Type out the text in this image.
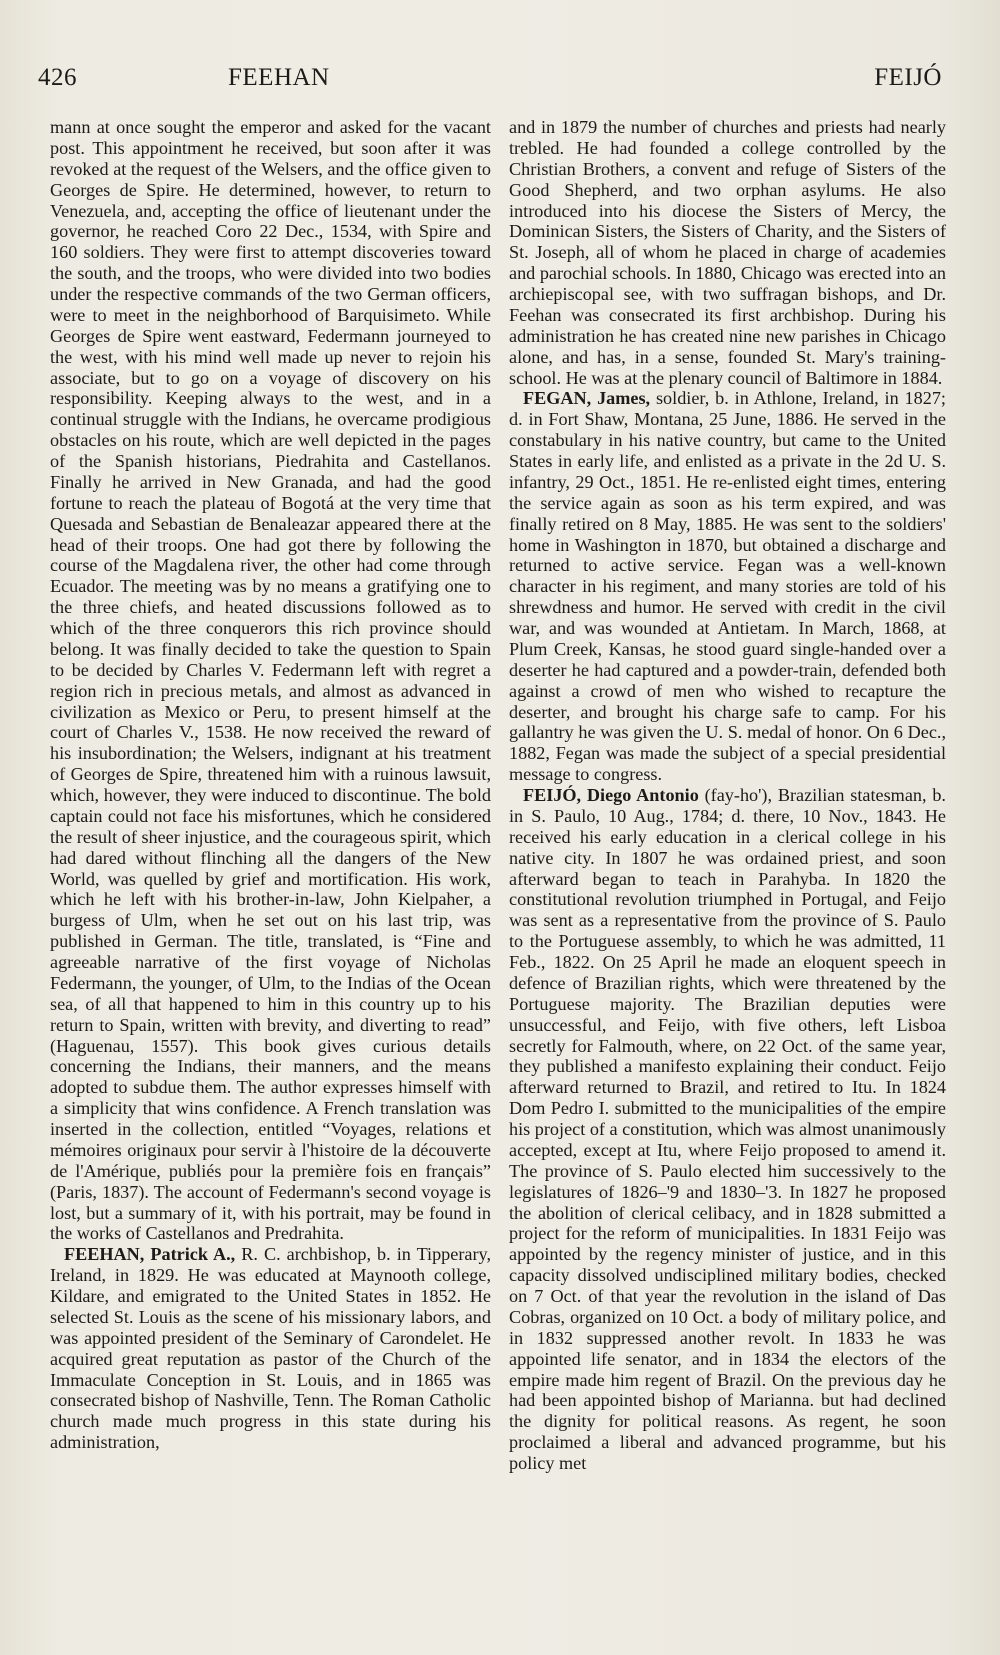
426	FEEHAN	FEIJÓ

mann at once sought the emperor and asked for the vacant post. This appointment he received, but soon after it was revoked at the request of the Welsers, and the office given to Georges de Spire. He determined, however, to return to Venezuela, and, accepting the office of lieutenant under the governor, he reached Coro 22 Dec., 1534, with Spire and 160 soldiers. They were first to attempt discoveries toward the south, and the troops, who were divided into two bodies under the respective commands of the two German officers, were to meet in the neighborhood of Barquisimeto. While Georges de Spire went eastward, Federmann journeyed to the west, with his mind well made up never to rejoin his associate, but to go on a voyage of discovery on his responsibility. Keeping always to the west, and in a continual struggle with the Indians, he overcame prodigious obstacles on his route, which are well depicted in the pages of the Spanish historians, Piedrahita and Castellanos. Finally he arrived in New Granada, and had the good fortune to reach the plateau of Bogotá at the very time that Quesada and Sebastian de Benaleazar appeared there at the head of their troops. One had got there by following the course of the Magdalena river, the other had come through Ecuador. The meeting was by no means a gratifying one to the three chiefs, and heated discussions followed as to which of the three conquerors this rich province should belong. It was finally decided to take the question to Spain to be decided by Charles V. Federmann left with regret a region rich in precious metals, and almost as advanced in civilization as Mexico or Peru, to present himself at the court of Charles V., 1538. He now received the reward of his insubordination; the Welsers, indignant at his treatment of Georges de Spire, threatened him with a ruinous lawsuit, which, however, they were induced to discontinue. The bold captain could not face his misfortunes, which he considered the result of sheer injustice, and the courageous spirit, which had dared without flinching all the dangers of the New World, was quelled by grief and mortification. His work, which he left with his brother-in-law, John Kielpaher, a burgess of Ulm, when he set out on his last trip, was published in German. The title, translated, is “Fine and agreeable narrative of the first voyage of Nicholas Federmann, the younger, of Ulm, to the Indias of the Ocean sea, of all that happened to him in this country up to his return to Spain, written with brevity, and diverting to read” (Haguenau, 1557). This book gives curious details concerning the Indians, their manners, and the means adopted to subdue them. The author expresses himself with a simplicity that wins confidence. A French translation was inserted in the collection, entitled “Voyages, relations et mémoires originaux pour servir à l'histoire de la découverte de l'Amérique, publiés pour la première fois en français” (Paris, 1837). The account of Federmann's second voyage is lost, but a summary of it, with his portrait, may be found in the works of Castellanos and Predrahita.

FEEHAN, Patrick A., R. C. archbishop, b. in Tipperary, Ireland, in 1829. He was educated at Maynooth college, Kildare, and emigrated to the United States in 1852. He selected St. Louis as the scene of his missionary labors, and was appointed president of the Seminary of Carondelet. He acquired great reputation as pastor of the Church of the Immaculate Conception in St. Louis, and in 1865 was consecrated bishop of Nashville, Tenn. The Roman Catholic church made much progress in this state during his administration,

and in 1879 the number of churches and priests had nearly trebled. He had founded a college controlled by the Christian Brothers, a convent and refuge of Sisters of the Good Shepherd, and two orphan asylums. He also introduced into his diocese the Sisters of Mercy, the Dominican Sisters, the Sisters of Charity, and the Sisters of St. Joseph, all of whom he placed in charge of academies and parochial schools. In 1880, Chicago was erected into an archiepiscopal see, with two suffragan bishops, and Dr. Feehan was consecrated its first archbishop. During his administration he has created nine new parishes in Chicago alone, and has, in a sense, founded St. Mary's training-school. He was at the plenary council of Baltimore in 1884.

FEGAN, James, soldier, b. in Athlone, Ireland, in 1827; d. in Fort Shaw, Montana, 25 June, 1886. He served in the constabulary in his native country, but came to the United States in early life, and enlisted as a private in the 2d U. S. infantry, 29 Oct., 1851. He re-enlisted eight times, entering the service again as soon as his term expired, and was finally retired on 8 May, 1885. He was sent to the soldiers' home in Washington in 1870, but obtained a discharge and returned to active service. Fegan was a well-known character in his regiment, and many stories are told of his shrewdness and humor. He served with credit in the civil war, and was wounded at Antietam. In March, 1868, at Plum Creek, Kansas, he stood guard single-handed over a deserter he had captured and a powder-train, defended both against a crowd of men who wished to recapture the deserter, and brought his charge safe to camp. For his gallantry he was given the U. S. medal of honor. On 6 Dec., 1882, Fegan was made the subject of a special presidential message to congress.

FEIJÓ, Diego Antonio (fay-ho'), Brazilian statesman, b. in S. Paulo, 10 Aug., 1784; d. there, 10 Nov., 1843. He received his early education in a clerical college in his native city. In 1807 he was ordained priest, and soon afterward began to teach in Parahyba. In 1820 the constitutional revolution triumphed in Portugal, and Feijo was sent as a representative from the province of S. Paulo to the Portuguese assembly, to which he was admitted, 11 Feb., 1822. On 25 April he made an eloquent speech in defence of Brazilian rights, which were threatened by the Portuguese majority. The Brazilian deputies were unsuccessful, and Feijo, with five others, left Lisboa secretly for Falmouth, where, on 22 Oct. of the same year, they published a manifesto explaining their conduct. Feijo afterward returned to Brazil, and retired to Itu. In 1824 Dom Pedro I. submitted to the municipalities of the empire his project of a constitution, which was almost unanimously accepted, except at Itu, where Feijo proposed to amend it. The province of S. Paulo elected him successively to the legislatures of 1826–'9 and 1830–'3. In 1827 he proposed the abolition of clerical celibacy, and in 1828 submitted a project for the reform of municipalities. In 1831 Feijo was appointed by the regency minister of justice, and in this capacity dissolved undisciplined military bodies, checked on 7 Oct. of that year the revolution in the island of Das Cobras, organized on 10 Oct. a body of military police, and in 1832 suppressed another revolt. In 1833 he was appointed life senator, and in 1834 the electors of the empire made him regent of Brazil. On the previous day he had been appointed bishop of Marianna. but had declined the dignity for political reasons. As regent, he soon proclaimed a liberal and advanced programme, but his policy met
